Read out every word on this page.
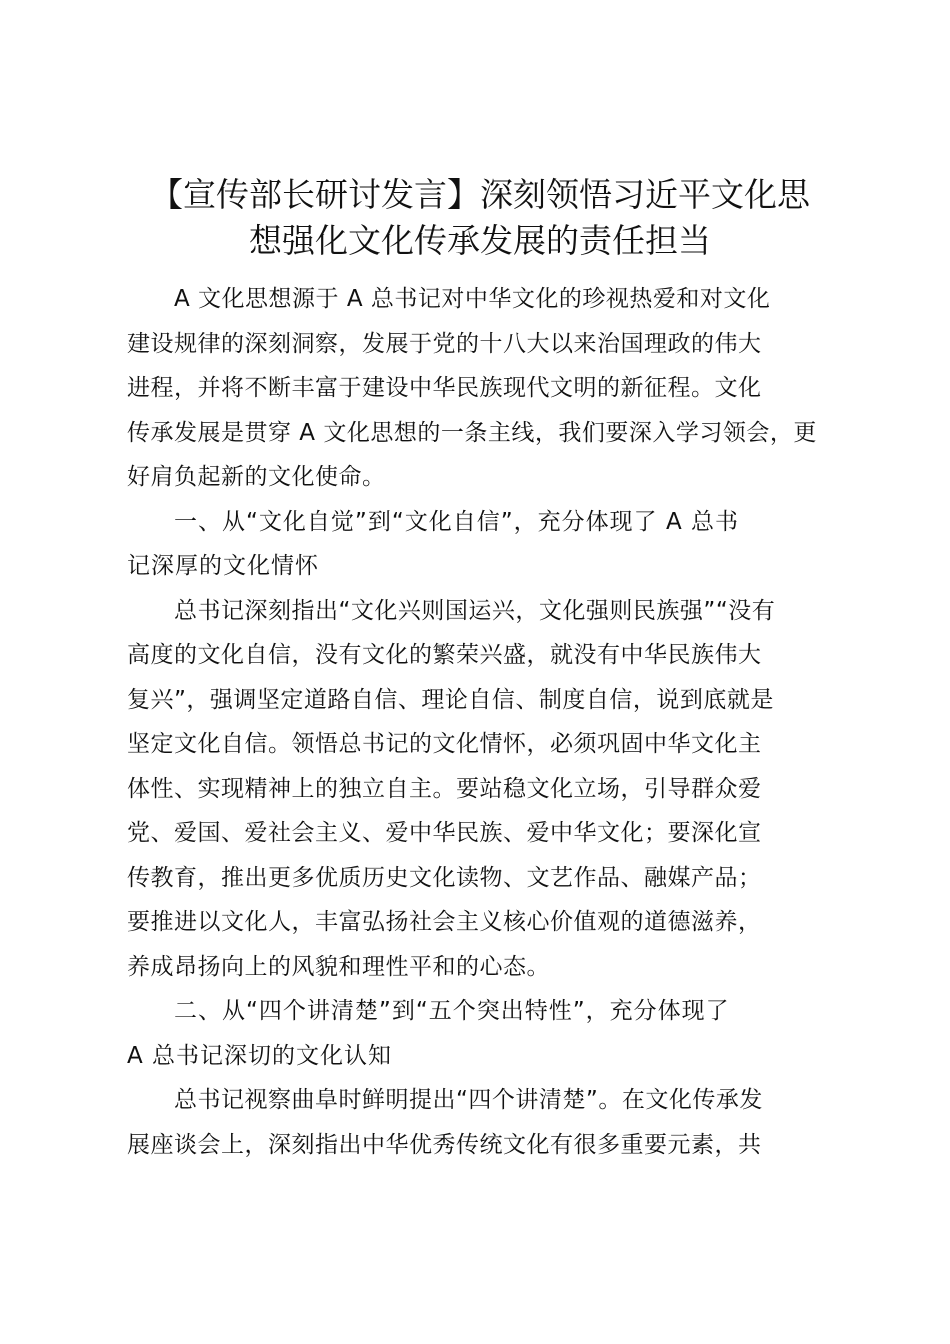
【宣传部长研讨发言】深刻领悟习近平文化思
想强化文化传承发展的责任担当
A 文化思想源于 A 总书记对中华文化的珍视热爱和对文化
建设规律的深刻洞察，发展于党的十八大以来治国理政的伟大
进程，并将不断丰富于建设中华民族现代文明的新征程。文化
传承发展是贯穿 A 文化思想的一条主线，我们要深入学习领会，更
好肩负起新的文化使命。
一、从“文化自觉”到“文化自信”，充分体现了 A 总书
记深厚的文化情怀
总书记深刻指出“文化兴则国运兴，文化强则民族强”“没有
高度的文化自信，没有文化的繁荣兴盛，就没有中华民族伟大
复兴”，强调坚定道路自信、理论自信、制度自信，说到底就是
坚定文化自信。领悟总书记的文化情怀，必须巩固中华文化主
体性、实现精神上的独立自主。要站稳文化立场，引导群众爱
党、爱国、爱社会主义、爱中华民族、爱中华文化；要深化宣
传教育，推出更多优质历史文化读物、文艺作品、融媒产品；
要推进以文化人，丰富弘扬社会主义核心价值观的道德滋养，
养成昂扬向上的风貌和理性平和的心态。
二、从“四个讲清楚”到“五个突出特性”，充分体现了
A 总书记深切的文化认知
总书记视察曲阜时鲜明提出“四个讲清楚”。在文化传承发
展座谈会上，深刻指出中华优秀传统文化有很多重要元素，共
